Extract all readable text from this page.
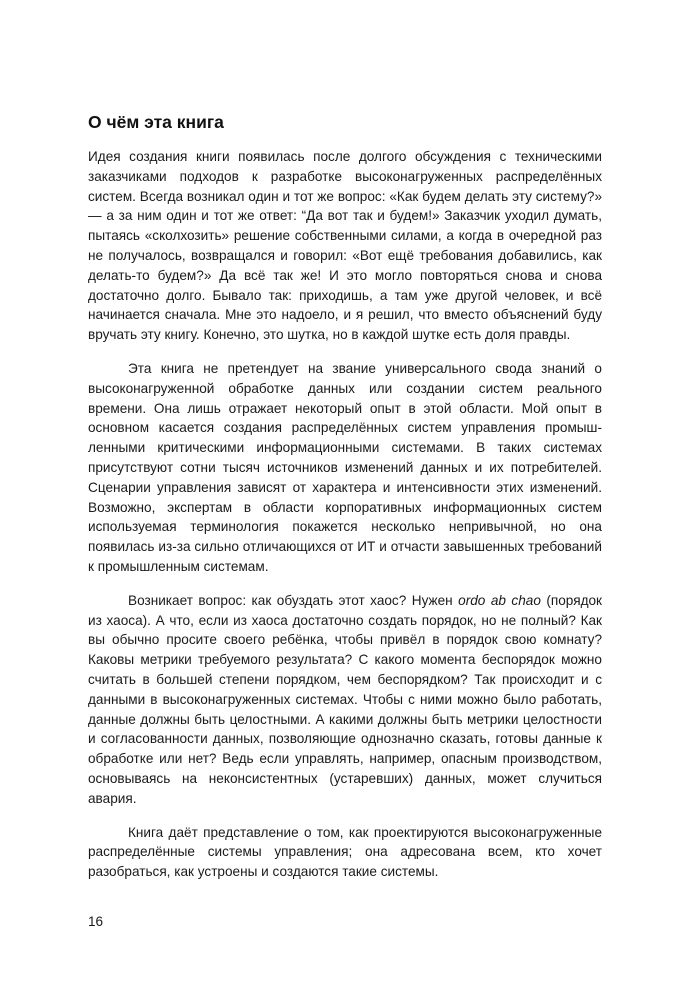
О чём эта книга

Идея создания книги появилась после долгого обсуждения с техническими заказчиками подходов к разработке высоконагруженных распределённых систем. Всегда возникал один и тот же вопрос: «Как будем делать эту систему?» — а за ним один и тот же ответ: “Да вот так и будем!» Заказчик уходил думать, пытаясь «сколхозить» решение собственными силами, а когда в очередной раз не получалось, возвращался и говорил: «Вот ещё требования добавились, как делать-то будем?» Да всё так же! И это могло повторяться снова и снова достаточно долго. Бывало так: приходишь, а там уже другой человек, и всё начинается сначала. Мне это надоело, и я решил, что вместо объяснений буду вручать эту книгу. Конечно, это шутка, но в каждой шутке есть доля правды.

Эта книга не претендует на звание универсального свода знаний о высоконагруженной обработке данных или создании систем реального времени. Она лишь отражает некоторый опыт в этой области. Мой опыт в основном касается создания распределённых систем управления промышленными критическими информационными системами. В таких системах присутствуют сотни тысяч источников изменений данных и их потребителей. Сценарии управления зависят от характера и интенсивности этих изменений. Возможно, экспертам в области корпоративных информационных систем используемая терминология покажется несколько непривычной, но она появилась из-за сильно отличающихся от ИТ и отчасти завышенных требований к промышленным системам.

Возникает вопрос: как обуздать этот хаос? Нужен ordo ab chao (порядок из хаоса). А что, если из хаоса достаточно создать порядок, но не полный? Как вы обычно просите своего ребёнка, чтобы привёл в порядок свою комнату? Каковы метрики требуемого результата? С какого момента беспорядок можно считать в большей степени порядком, чем беспорядком? Так происходит и с данными в высоконагруженных системах. Чтобы с ними можно было работать, данные должны быть целостными. А какими должны быть метрики целостности и согласованности данных, позволяющие однозначно сказать, готовы данные к обработке или нет? Ведь если управлять, например, опасным производством, основываясь на неконсистентных (устаревших) данных, может случиться авария.

Книга даёт представление о том, как проектируются высоконагруженные распределённые системы управления; она адресована всем, кто хочет разобраться, как устроены и создаются такие системы.

16
